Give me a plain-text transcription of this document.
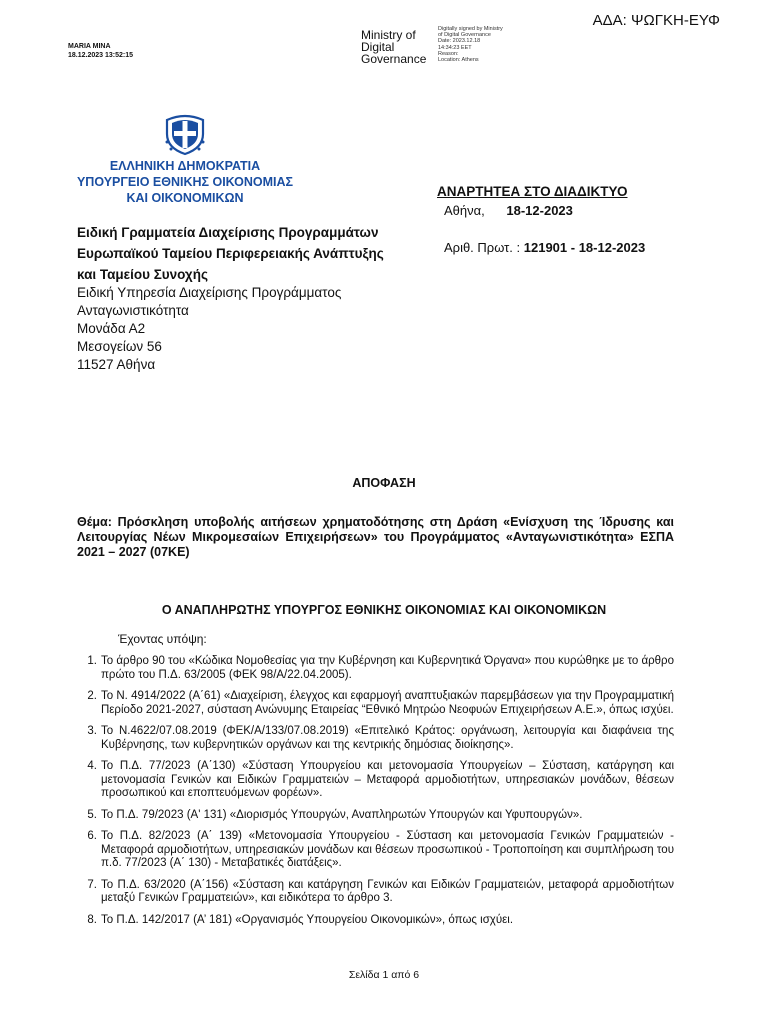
ΑΔΑ: ΨΩΓΚΗ-ΕΥΦ
MARIA MINA
18.12.2023 13:52:15
Ministry of
Digital
Governance
Digitally signed by Ministry
of Digital Governance
Date: 2023.12.18
14:34:23 EET
Reason:
Location: Athens
ΕΛΛΗΝΙΚΗ ΔΗΜΟΚΡΑΤΙΑ
ΥΠΟΥΡΓΕΙΟ ΕΘΝΙΚΗΣ ΟΙΚΟΝΟΜΙΑΣ
ΚΑΙ ΟΙΚΟΝΟΜΙΚΩΝ
Ειδική Γραμματεία Διαχείρισης Προγραμμάτων
Ευρωπαϊκού Ταμείου Περιφερειακής Ανάπτυξης
και Ταμείου Συνοχής
Ειδική Υπηρεσία Διαχείρισης Προγράμματος
Ανταγωνιστικότητα
Μονάδα Α2
Μεσογείων 56
11527 Αθήνα
ΑΝΑΡΤΗΤΕΑ ΣΤΟ ΔΙΑΔΙΚΤΥΟ
Αθήνα, 18-12-2023
Αριθ. Πρωτ. : 121901 - 18-12-2023
ΑΠΟΦΑΣΗ
Θέμα: Πρόσκληση υποβολής αιτήσεων χρηματοδότησης στη Δράση «Ενίσχυση της Ίδρυσης και Λειτουργίας Νέων Μικρομεσαίων Επιχειρήσεων» του Προγράμματος «Ανταγωνιστικότητα» ΕΣΠΑ 2021 – 2027 (07ΚΕ)
Ο ΑΝΑΠΛΗΡΩΤΗΣ ΥΠΟΥΡΓΟΣ ΕΘΝΙΚΗΣ ΟΙΚΟΝΟΜΙΑΣ ΚΑΙ ΟΙΚΟΝΟΜΙΚΩΝ
Έχοντας υπόψη:
1. Το άρθρο 90 του «Κώδικα Νομοθεσίας για την Κυβέρνηση και Κυβερνητικά Όργανα» που κυρώθηκε με το άρθρο πρώτο του Π.Δ. 63/2005 (ΦΕΚ 98/Α/22.04.2005).
2. Το Ν. 4914/2022 (Α΄61) «Διαχείριση, έλεγχος και εφαρμογή αναπτυξιακών παρεμβάσεων για την Προγραμματική Περίοδο 2021-2027, σύσταση Ανώνυμης Εταιρείας “Εθνικό Μητρώο Νεοφυών Επιχειρήσεων Α.Ε.», όπως ισχύει.
3. Το Ν.4622/07.08.2019 (ΦΕΚ/Α/133/07.08.2019) «Επιτελικό Κράτος: οργάνωση, λειτουργία και διαφάνεια της Κυβέρνησης, των κυβερνητικών οργάνων και της κεντρικής δημόσιας διοίκησης».
4. Το Π.Δ. 77/2023 (Α΄130) «Σύσταση Υπουργείου και μετονομασία Υπουργείων – Σύσταση, κατάργηση και μετονομασία Γενικών και Ειδικών Γραμματειών – Μεταφορά αρμοδιοτήτων, υπηρεσιακών μονάδων, θέσεων προσωπικού και εποπτευόμενων φορέων».
5. Το Π.Δ. 79/2023 (Α' 131) «Διορισμός Υπουργών, Αναπληρωτών Υπουργών και Υφυπουργών».
6. Το Π.Δ. 82/2023 (Α΄ 139) «Μετονομασία Υπουργείου - Σύσταση και μετονομασία Γενικών Γραμματειών - Μεταφορά αρμοδιοτήτων, υπηρεσιακών μονάδων και θέσεων προσωπικού - Τροποποίηση και συμπλήρωση του π.δ. 77/2023 (Α΄ 130) - Μεταβατικές διατάξεις».
7. Το Π.Δ. 63/2020 (Α΄156) «Σύσταση και κατάργηση Γενικών και Ειδικών Γραμματειών, μεταφορά αρμοδιοτήτων μεταξύ Γενικών Γραμματειών», και ειδικότερα το άρθρο 3.
8. Το Π.Δ. 142/2017 (Α’ 181) «Οργανισμός Υπουργείου Οικονομικών», όπως ισχύει.
Σελίδα 1 από 6
